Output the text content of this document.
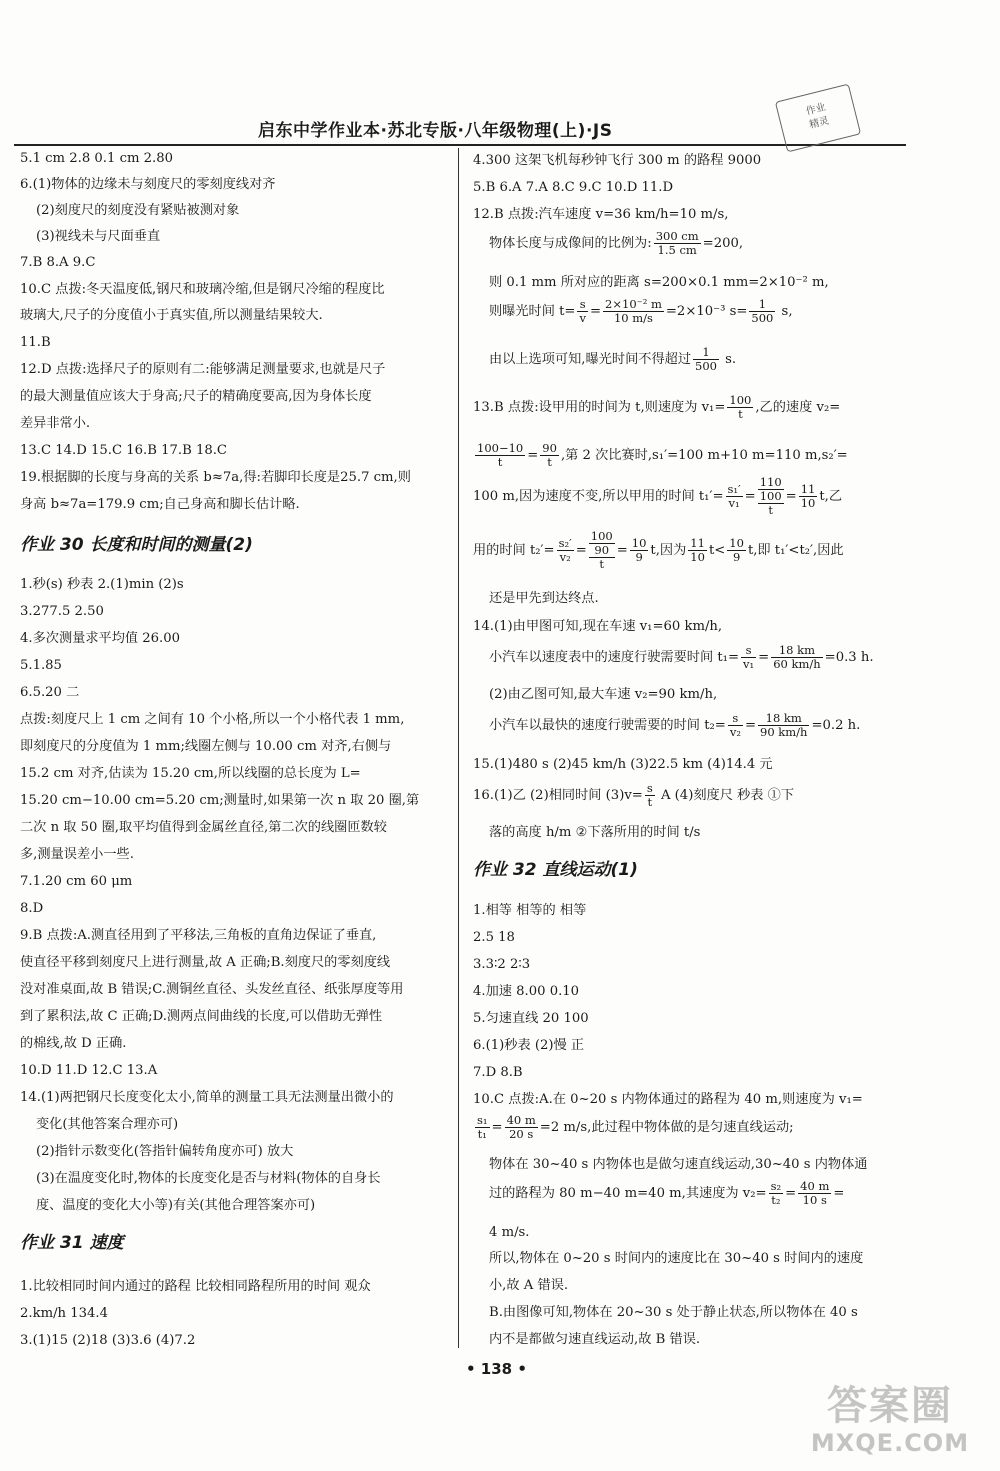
启东中学作业本·苏北专版·八年级物理(上)·JS
作业
精灵
5.1 cm 2.8 0.1 cm 2.80
6.(1)物体的边缘未与刻度尺的零刻度线对齐
(2)刻度尺的刻度没有紧贴被测对象
(3)视线未与尺面垂直
7.B 8.A 9.C
10.C 点拨:冬天温度低,钢尺和玻璃冷缩,但是钢尺冷缩的程度比
玻璃大,尺子的分度值小于真实值,所以测量结果较大.
11.B
12.D 点拨:选择尺子的原则有二:能够满足测量要求,也就是尺子
的最大测量值应该大于身高;尺子的精确度要高,因为身体长度
差异非常小.
13.C 14.D 15.C 16.B 17.B 18.C
19.根据脚的长度与身高的关系 b≈7a,得:若脚印长度是25.7 cm,则
身高 b≈7a=179.9 cm;自己身高和脚长估计略.
作业 30 长度和时间的测量(2)
1.秒(s) 秒表 2.(1)min (2)s
3.277.5 2.50
4.多次测量求平均值 26.00
5.1.85
6.5.20 二
点拨:刻度尺上 1 cm 之间有 10 个小格,所以一个小格代表 1 mm,
即刻度尺的分度值为 1 mm;线圈左侧与 10.00 cm 对齐,右侧与
15.2 cm 对齐,估读为 15.20 cm,所以线圈的总长度为 L=
15.20 cm−10.00 cm=5.20 cm;测量时,如果第一次 n 取 20 圈,第
二次 n 取 50 圈,取平均值得到金属丝直径,第二次的线圈匝数较
多,测量误差小一些.
7.1.20 cm 60 μm
8.D
9.B 点拨:A.测直径用到了平移法,三角板的直角边保证了垂直,
使直径平移到刻度尺上进行测量,故 A 正确;B.刻度尺的零刻度线
没对准桌面,故 B 错误;C.测铜丝直径、头发丝直径、纸张厚度等用
到了累积法,故 C 正确;D.测两点间曲线的长度,可以借助无弹性
的棉线,故 D 正确.
10.D 11.D 12.C 13.A
14.(1)两把钢尺长度变化太小,简单的测量工具无法测量出微小的
变化(其他答案合理亦可)
(2)指针示数变化(答指针偏转角度亦可) 放大
(3)在温度变化时,物体的长度变化是否与材料(物体的自身长
度、温度的变化大小等)有关(其他合理答案亦可)
作业 31 速度
1.比较相同时间内通过的路程 比较相同路程所用的时间 观众
2.km/h 134.4
3.(1)15 (2)18 (3)3.6 (4)7.2
4.300 这架飞机每秒钟飞行 300 m 的路程 9000
5.B 6.A 7.A 8.C 9.C 10.D 11.D
12.B 点拨:汽车速度 v=36 km/h=10 m/s,
物体长度与成像间的比例为: $\frac{300 cm}{1.5 cm} =200$,
则 0.1 mm 所对应的距离 s=200×0.1 mm=2×10⁻² m,
则曝光时间 $t= \frac{s}{v} = \frac{\text{2×10⁻² m}}{10 m/s} =2\times 10^{-3}$ $s= \frac{1}{500} s$,
由以上选项可知,曝光时间不得超过 $\frac{1}{500} s$.
13.B 点拨:设甲用的时间为 t,则速度为 $v_1= \frac{100}{t}$ ,乙的速度 v₂=
$\frac{100-10}{t} = \frac{90}{t}$ ,第 2 次比赛时,s₁′=100 m+10 m=110 m,s₂′=
100 m,因为速度不变,所以甲用的时间 $t_1'= \frac{\text{s₁′}}{\text{v₁}}$ =
110
100
t
= $\frac{11}{10} t$,乙
用的时间 $t_2'= \frac{\text{s₂′}}{\text{v₂}}$ =
100
90
t
= $\frac{10}{9} t$,因为 $\frac{11}{10} t< \frac{10}{9} t$,即 t₁′<t₂′,因此
还是甲先到达终点.
14.(1)由甲图可知,现在车速 v₁=60 km/h,
小汽车以速度表中的速度行驶需要时间 $t_1= \frac{s}{\text{v₁}} = \frac{18 km}{60 km/h} =0.3$ h.
(2)由乙图可知,最大车速 v₂=90 km/h,
小汽车以最快的速度行驶需要的时间 $t_2= \frac{s}{\text{v₂}} = \frac{18 km}{90 km/h} =0.2$ h.
15.(1)480 s (2)45 km/h (3)22.5 km (4)14.4 元
16.(1)乙 (2)相同时间 $(3)v= \frac{s}{t}$ A (4)刻度尺 秒表 ①下
落的高度 h/m ②下落所用的时间 t/s
作业 32 直线运动(1)
1.相等 相等的 相等
2.5 18
3.3∶2 2∶3
4.加速 8.00 0.10
5.匀速直线 20 100
6.(1)秒表 (2)慢 正
7.D 8.B
10.C 点拨:A.在 0~20 s 内物体通过的路程为 40 m,则速度为 v₁=
$\frac{\text{s₁}}{\text{t₁}} = \frac{40 m}{20 s} =2$ m/s,此过程中物体做的是匀速直线运动;
物体在 30~40 s 内物体也是做匀速直线运动,30~40 s 内物体通
过的路程为 80 m−40 m=40 m,其速度为 $v_2= \frac{\text{s₂}}{\text{t₂}} = \frac{40 m}{10 s}$ =
4 m/s.
所以,物体在 0~20 s 时间内的速度比在 30~40 s 时间内的速度
小,故 A 错误.
B.由图像可知,物体在 20~30 s 处于静止状态,所以物体在 40 s
内不是都做匀速直线运动,故 B 错误.
• 138 •
答案圈
MXQE.COM
